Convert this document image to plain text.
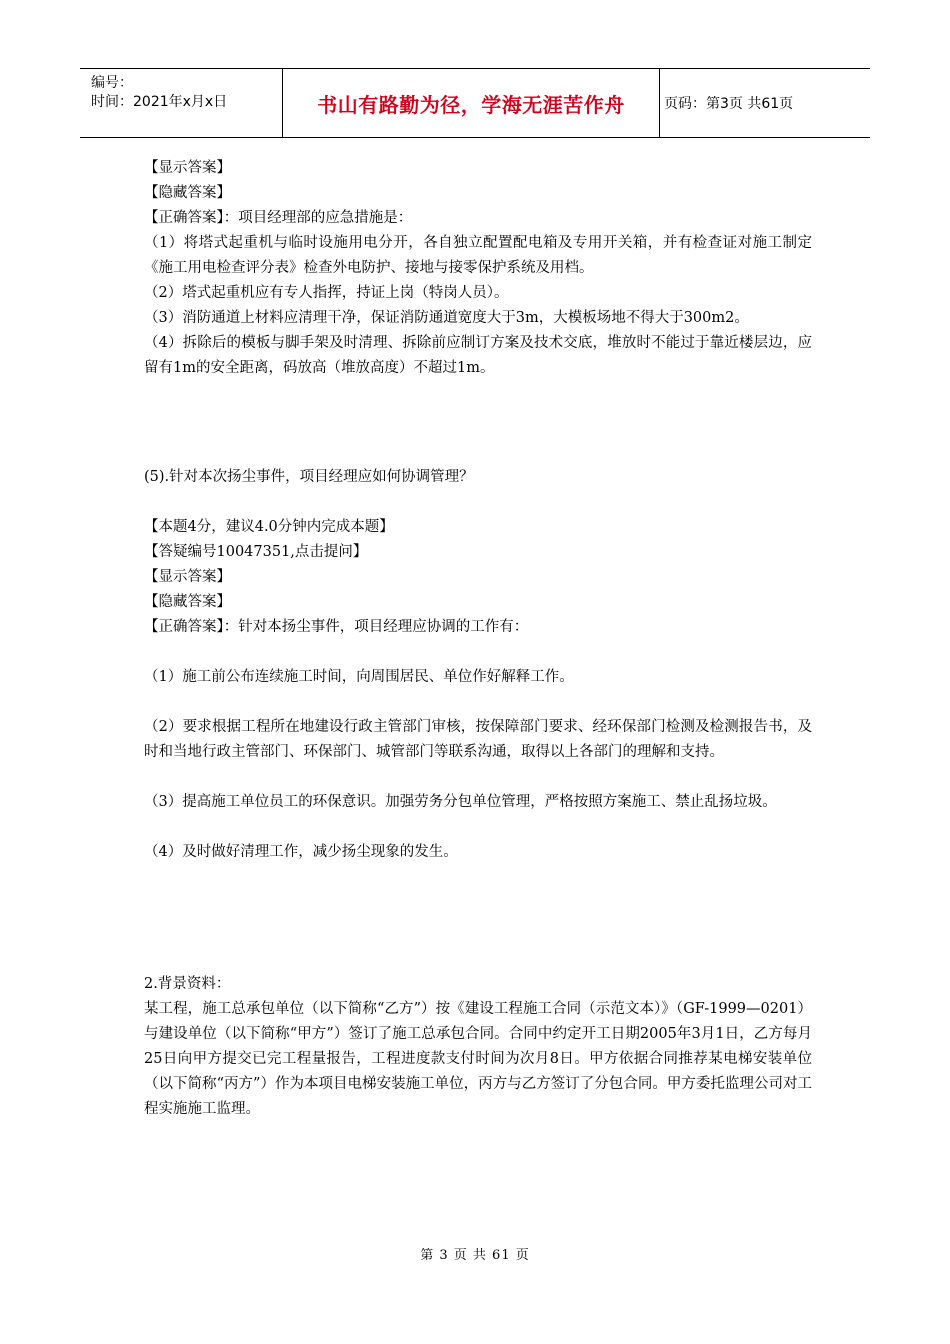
编号：
时间：2021年x月x日	书山有路勤为径，学海无涯苦作舟	页码：第3页 共61页

【显示答案】

【隐藏答案】

【正确答案】：项目经理部的应急措施是：

（1）将塔式起重机与临时设施用电分开，各自独立配置配电箱及专用开关箱，并有检查证对施工制定《施工用电检查评分表》检查外电防护、接地与接零保护系统及用档。

（2）塔式起重机应有专人指挥，持证上岗（特岗人员）。

（3）消防通道上材料应清理干净，保证消防通道宽度大于3m，大模板场地不得大于300m2。

（4）拆除后的模板与脚手架及时清理、拆除前应制订方案及技术交底，堆放时不能过于靠近楼层边，应留有1m的安全距离，码放高（堆放高度）不超过1m。

(5).针对本次扬尘事件，项目经理应如何协调管理？

【本题4分，建议4.0分钟内完成本题】

【答疑编号10047351,点击提问】

【显示答案】

【隐藏答案】

【正确答案】：针对本扬尘事件，项目经理应协调的工作有：

（1）施工前公布连续施工时间，向周围居民、单位作好解释工作。

（2）要求根据工程所在地建设行政主管部门审核，按保障部门要求、经环保部门检测及检测报告书，及时和当地行政主管部门、环保部门、城管部门等联系沟通，取得以上各部门的理解和支持。

（3）提高施工单位员工的环保意识。加强劳务分包单位管理，严格按照方案施工、禁止乱扬垃圾。

（4）及时做好清理工作，减少扬尘现象的发生。

2.背景资料：

某工程，施工总承包单位（以下简称“乙方”）按《建设工程施工合同（示范文本）》（GF-1999—0201）与建设单位（以下简称“甲方”）签订了施工总承包合同。合同中约定开工日期2005年3月1日，乙方每月25日向甲方提交已完工程量报告，工程进度款支付时间为次月8日。甲方依据合同推荐某电梯安装单位（以下简称“丙方”）作为本项目电梯安装施工单位，丙方与乙方签订了分包合同。甲方委托监理公司对工程实施施工监理。

第 3 页 共 61 页
